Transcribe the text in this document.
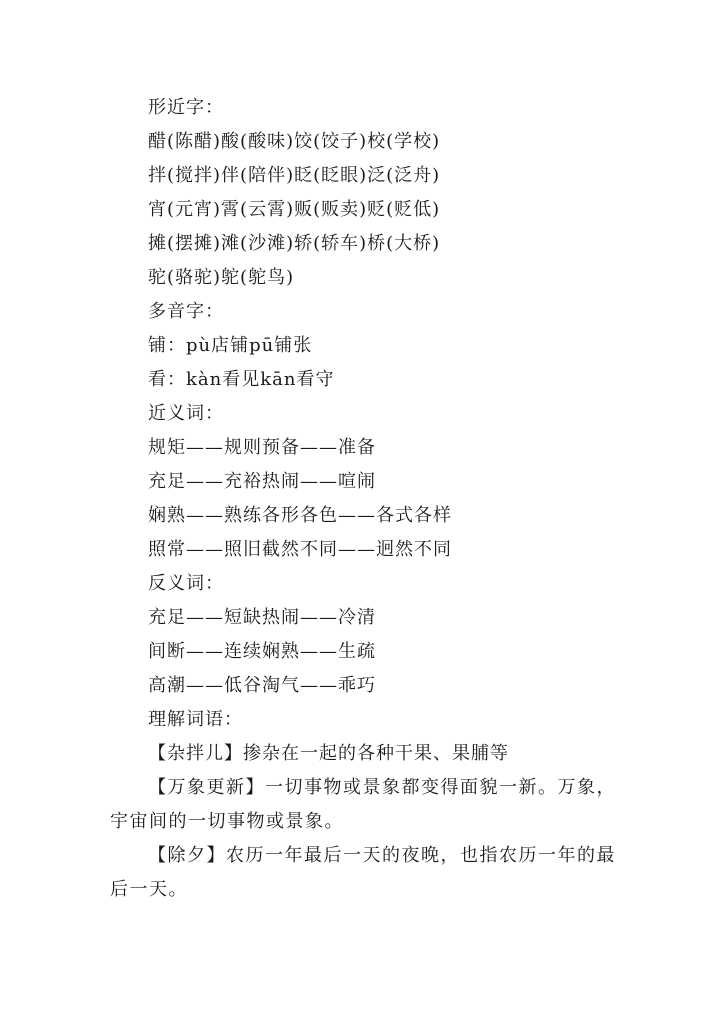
形近字：
醋(陈醋)酸(酸味)饺(饺子)校(学校)
拌(搅拌)伴(陪伴)眨(眨眼)泛(泛舟)
宵(元宵)霄(云霄)贩(贩卖)贬(贬低)
摊(摆摊)滩(沙滩)轿(轿车)桥(大桥)
驼(骆驼)鸵(鸵鸟)
多音字：
铺：pù店铺pū铺张
看：kàn看见kān看守
近义词：
规矩——规则预备——准备
充足——充裕热闹——喧闹
娴熟——熟练各形各色——各式各样
照常——照旧截然不同——迥然不同
反义词：
充足——短缺热闹——冷清
间断——连续娴熟——生疏
高潮——低谷淘气——乖巧
理解词语：
【杂拌儿】掺杂在一起的各种干果、果脯等
【万象更新】一切事物或景象都变得面貌一新。万象，宇宙间的一切事物或景象。
【除夕】农历一年最后一天的夜晚，也指农历一年的最后一天。
